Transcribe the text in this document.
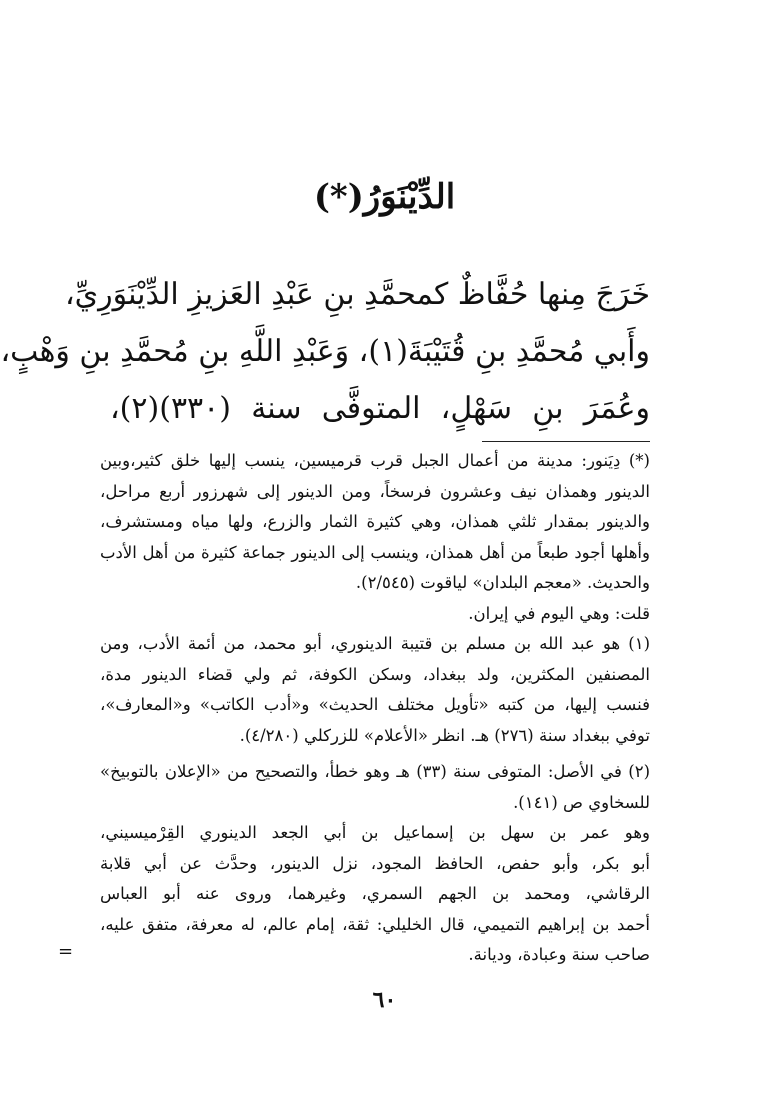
الدِّيْنَوَرُ(*)
خَرَجَ مِنها حُفَّاظٌ كمحمَّدِ بنِ عَبْدِ العَزيزِ الدِّيْنَوَرِيِّ،
وأَبي مُحمَّدِ بنِ قُتَيْبَةَ(١)، وَعَبْدِ اللَّهِ بنِ مُحمَّدِ بنِ وَهْبٍ،
وعُمَرَ بنِ سَهْلٍ، المتوفَّى سنة (٣٣٠)(٢)،
(*) دِيَنور: مدينة من أعمال الجبل قرب قرميسين، ينسب إليها خلق كثير،وبين
الدينور وهمذان نيف وعشرون فرسخاً، ومن الدينور إلى شهرزور أربع مراحل،
والدينور بمقدار ثلثي همذان، وهي كثيرة الثمار والزرع، ولها مياه ومستشرف،
وأهلها أجود طبعاً من أهل همذان، وينسب إلى الدينور جماعة كثيرة من أهل الأدب
والحديث. «معجم البلدان» لياقوت (٢/٥٤٥).
قلت: وهي اليوم في إيران.
(١) هو عبد الله بن مسلم بن قتيبة الدينوري، أبو محمد، من أئمة الأدب، ومن
المصنفين المكثرين، ولد ببغداد، وسكن الكوفة، ثم ولي قضاء الدينور مدة،
فنسب إليها، من كتبه «تأويل مختلف الحديث» و«أدب الكاتب» و«المعارف»،
توفي ببغداد سنة (٢٧٦) هـ. انظر «الأعلام» للزركلي (٤/٢٨٠).
(٢) في الأصل: المتوفى سنة (٣٣) هـ وهو خطأ، والتصحيح من «الإعلان بالتوبيخ»
للسخاوي ص (١٤١).
وهو عمر بن سهل بن إسماعيل بن أبي الجعد الدينوري القِرْميسيني،
أبو بكر، وأبو حفص، الحافظ المجود، نزل الدينور، وحدَّث عن أبي قلابة
الرقاشي، ومحمد بن الجهم السمري، وغيرهما، وروى عنه أبو العباس
أحمد بن إبراهيم التميمي، قال الخليلي: ثقة، إمام عالم، له معرفة، متفق عليه،
صاحب سنة وعبادة، وديانة.
=
٦٠
